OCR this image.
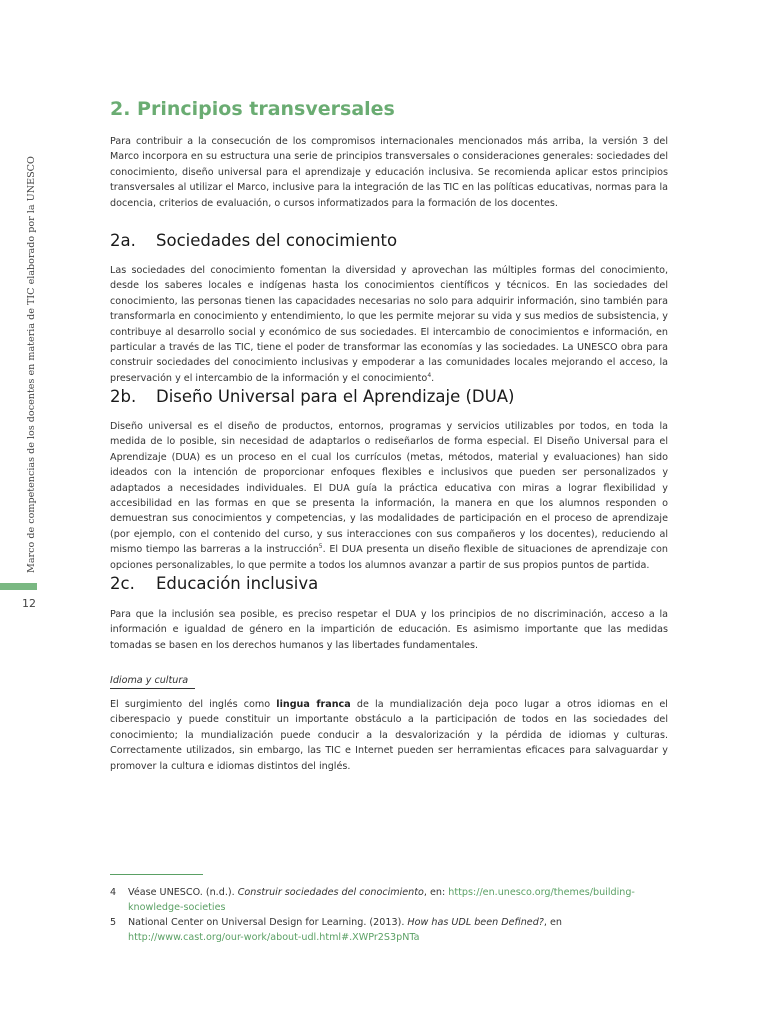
Marco de competencias de los docentes en materia de TIC elaborado por la UNESCO
12
2. Principios transversales

Para contribuir a la consecución de los compromisos internacionales mencionados más arriba, la versión 3 del Marco incorpora en su estructura una serie de principios transversales o consideraciones generales: sociedades del conocimiento, diseño universal para el aprendizaje y educación inclusiva. Se recomienda aplicar estos principios transversales al utilizar el Marco, inclusive para la integración de las TIC en las políticas educativas, normas para la docencia, criterios de evaluación, o cursos informatizados para la formación de los docentes.

2a. Sociedades del conocimiento

Las sociedades del conocimiento fomentan la diversidad y aprovechan las múltiples formas del conocimiento, desde los saberes locales e indígenas hasta los conocimientos científicos y técnicos. En las sociedades del conocimiento, las personas tienen las capacidades necesarias no solo para adquirir información, sino también para transformarla en conocimiento y entendimiento, lo que les permite mejorar su vida y sus medios de subsistencia, y contribuye al desarrollo social y económico de sus sociedades. El intercambio de conocimientos e información, en particular a través de las TIC, tiene el poder de transformar las economías y las sociedades. La UNESCO obra para construir sociedades del conocimiento inclusivas y empoderar a las comunidades locales mejorando el acceso, la preservación y el intercambio de la información y el conocimiento$^4$.

2b. Diseño Universal para el Aprendizaje (DUA)

Diseño universal es el diseño de productos, entornos, programas y servicios utilizables por todos, en toda la medida de lo posible, sin necesidad de adaptarlos o rediseñarlos de forma especial. El Diseño Universal para el Aprendizaje (DUA) es un proceso en el cual los currículos (metas, métodos, material y evaluaciones) han sido ideados con la intención de proporcionar enfoques flexibles e inclusivos que pueden ser personalizados y adaptados a necesidades individuales. El DUA guía la práctica educativa con miras a lograr flexibilidad y accesibilidad en las formas en que se presenta la información, la manera en que los alumnos responden o demuestran sus conocimientos y competencias, y las modalidades de participación en el proceso de aprendizaje (por ejemplo, con el contenido del curso, y sus interacciones con sus compañeros y los docentes), reduciendo al mismo tiempo las barreras a la instrucción$^5$. El DUA presenta un diseño flexible de situaciones de aprendizaje con opciones personalizables, lo que permite a todos los alumnos avanzar a partir de sus propios puntos de partida.

2c. Educación inclusiva

Para que la inclusión sea posible, es preciso respetar el DUA y los principios de no discriminación, acceso a la información e igualdad de género en la impartición de educación. Es asimismo importante que las medidas tomadas se basen en los derechos humanos y las libertades fundamentales.

Idioma y cultura

El surgimiento del inglés como lingua franca de la mundialización deja poco lugar a otros idiomas en el ciberespacio y puede constituir un importante obstáculo a la participación de todos en las sociedades del conocimiento; la mundialización puede conducir a la desvalorización y la pérdida de idiomas y culturas. Correctamente utilizados, sin embargo, las TIC e Internet pueden ser herramientas eficaces para salvaguardar y promover la cultura e idiomas distintos del inglés.

4 Véase UNESCO. (n.d.). Construir sociedades del conocimiento, en: https://en.unesco.org/themes/building-knowledge-societies
5 National Center on Universal Design for Learning. (2013). How has UDL been Defined?, en http://www.cast.org/our-work/about-udl.html#.XWPr2S3pNTa
